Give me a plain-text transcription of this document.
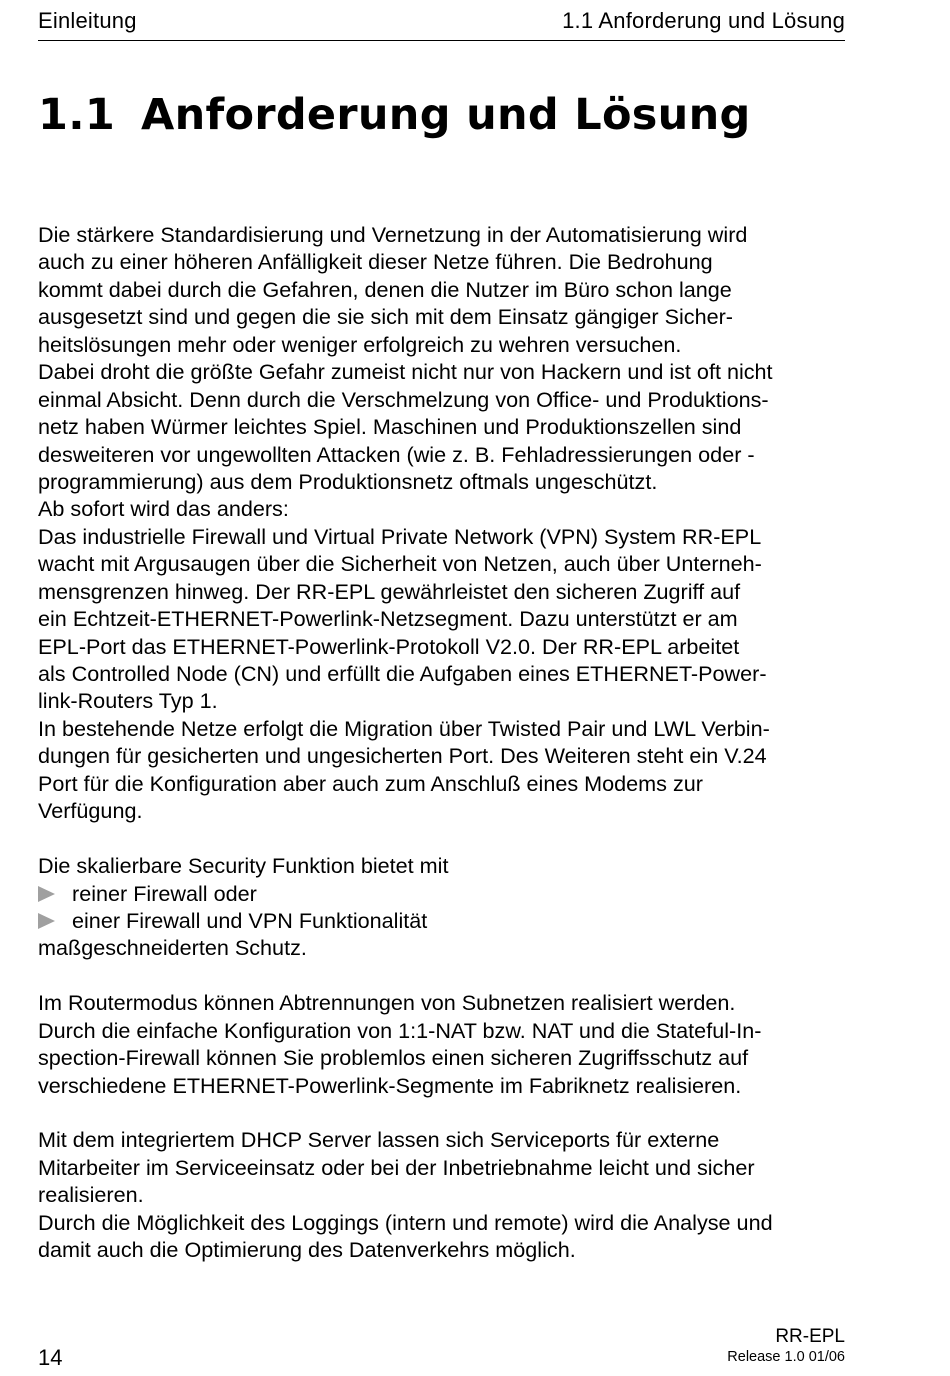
Einleitung	1.1 Anforderung und Lösung
1.1 Anforderung und Lösung
Die stärkere Standardisierung und Vernetzung in der Automatisierung wird
auch zu einer höheren Anfälligkeit dieser Netze führen. Die Bedrohung
kommt dabei durch die Gefahren, denen die Nutzer im Büro schon lange
ausgesetzt sind und gegen die sie sich mit dem Einsatz gängiger Sicher-
heitslösungen mehr oder weniger erfolgreich zu wehren versuchen.
Dabei droht die größte Gefahr zumeist nicht nur von Hackern und ist oft nicht
einmal Absicht. Denn durch die Verschmelzung von Office- und Produktions-
netz haben Würmer leichtes Spiel. Maschinen und Produktionszellen sind
desweiteren vor ungewollten Attacken (wie z. B. Fehladressierungen oder -
programmierung) aus dem Produktionsnetz oftmals ungeschützt.
Ab sofort wird das anders:
Das industrielle Firewall und Virtual Private Network (VPN) System RR-EPL
wacht mit Argusaugen über die Sicherheit von Netzen, auch über Unterneh-
mensgrenzen hinweg. Der RR-EPL gewährleistet den sicheren Zugriff auf
ein Echtzeit-ETHERNET-Powerlink-Netzsegment. Dazu unterstützt er am
EPL-Port das ETHERNET-Powerlink-Protokoll V2.0. Der RR-EPL arbeitet
als Controlled Node (CN) und erfüllt die Aufgaben eines ETHERNET-Power-
link-Routers Typ 1.
In bestehende Netze erfolgt die Migration über Twisted Pair und LWL Verbin-
dungen für gesicherten und ungesicherten Port. Des Weiteren steht ein V.24
Port für die Konfiguration aber auch zum Anschluß eines Modems zur
Verfügung.
Die skalierbare Security Funktion bietet mit
reiner Firewall oder
einer Firewall und VPN Funktionalität
maßgeschneiderten Schutz.
Im Routermodus können Abtrennungen von Subnetzen realisiert werden.
Durch die einfache Konfiguration von 1:1-NAT bzw. NAT und die Stateful-In-
spection-Firewall können Sie problemlos einen sicheren Zugriffsschutz auf
verschiedene ETHERNET-Powerlink-Segmente im Fabriknetz realisieren.
Mit dem integriertem DHCP Server lassen sich Serviceports für externe
Mitarbeiter im Serviceeinsatz oder bei der Inbetriebnahme leicht und sicher
realisieren.
Durch die Möglichkeit des Loggings (intern und remote) wird die Analyse und
damit auch die Optimierung des Datenverkehrs möglich.
14
RR-EPL
Release 1.0 01/06
